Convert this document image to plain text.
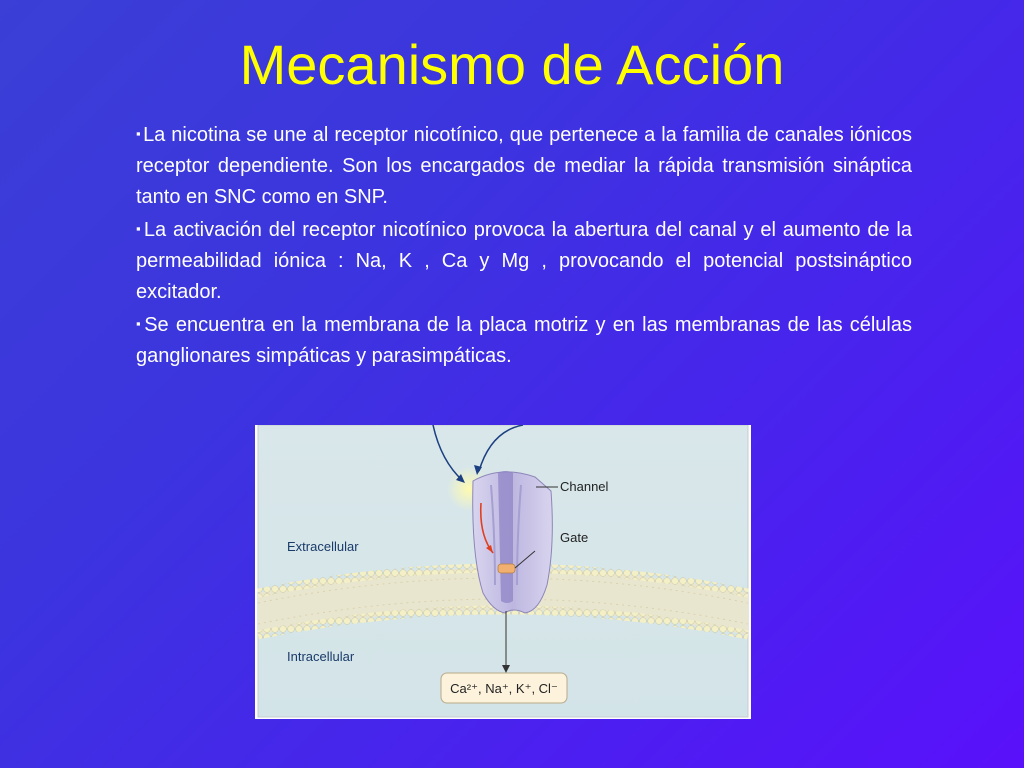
Mecanismo de Acción

▪ La nicotina se une al receptor nicotínico, que pertenece a la familia de canales iónicos receptor dependiente. Son los encargados de mediar la rápida transmisión sináptica tanto en SNC como en SNP.

▪ La activación del receptor nicotínico provoca la abertura del canal y el aumento de la permeabilidad iónica : Na, K , Ca y Mg , provocando el potencial postsináptico excitador.

▪ Se encuentra en la membrana de la placa motriz y en las membranas de las células ganglionares simpáticas y parasimpáticas.

Channel
Gate
Extracellular
Intracellular
Ca²⁺, Na⁺, K⁺, Cl⁻
